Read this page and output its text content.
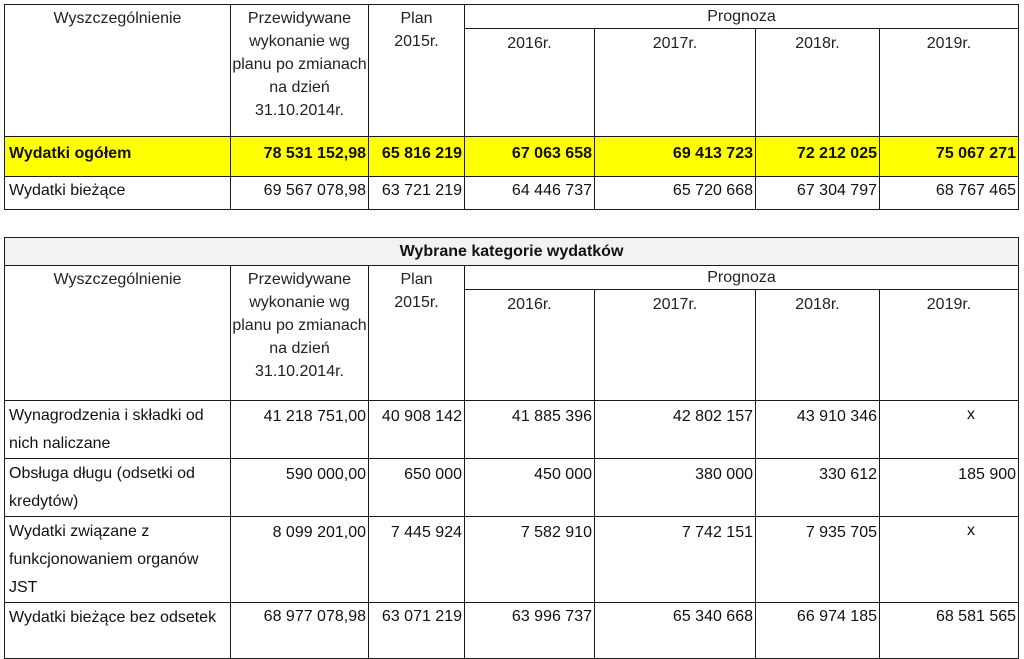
Wyszczególnienie	Przewidywane wykonanie wg planu po zmianach na dzień 31.10.2014r.	Plan 2015r.	Prognoza			
			2016r.	2017r.	2018r.	2019r.
Wydatki ogółem	78 531 152,98	65 816 219	67 063 658	69 413 723	72 212 025	75 067 271
Wydatki bieżące	69 567 078,98	63 721 219	64 446 737	65 720 668	67 304 797	68 767 465
Wybrane kategorie wydatków						
Wyszczególnienie	Przewidywane wykonanie wg planu po zmianach na dzień 31.10.2014r.	Plan 2015r.	Prognoza			
			2016r.	2017r.	2018r.	2019r.
Wynagrodzenia i składki od nich naliczane	41 218 751,00	40 908 142	41 885 396	42 802 157	43 910 346	x
Obsługa długu (odsetki od kredytów)	590 000,00	650 000	450 000	380 000	330 612	185 900
Wydatki związane z funkcjonowaniem organów JST	8 099 201,00	7 445 924	7 582 910	7 742 151	7 935 705	x
Wydatki bieżące bez odsetek	68 977 078,98	63 071 219	63 996 737	65 340 668	66 974 185	68 581 565
